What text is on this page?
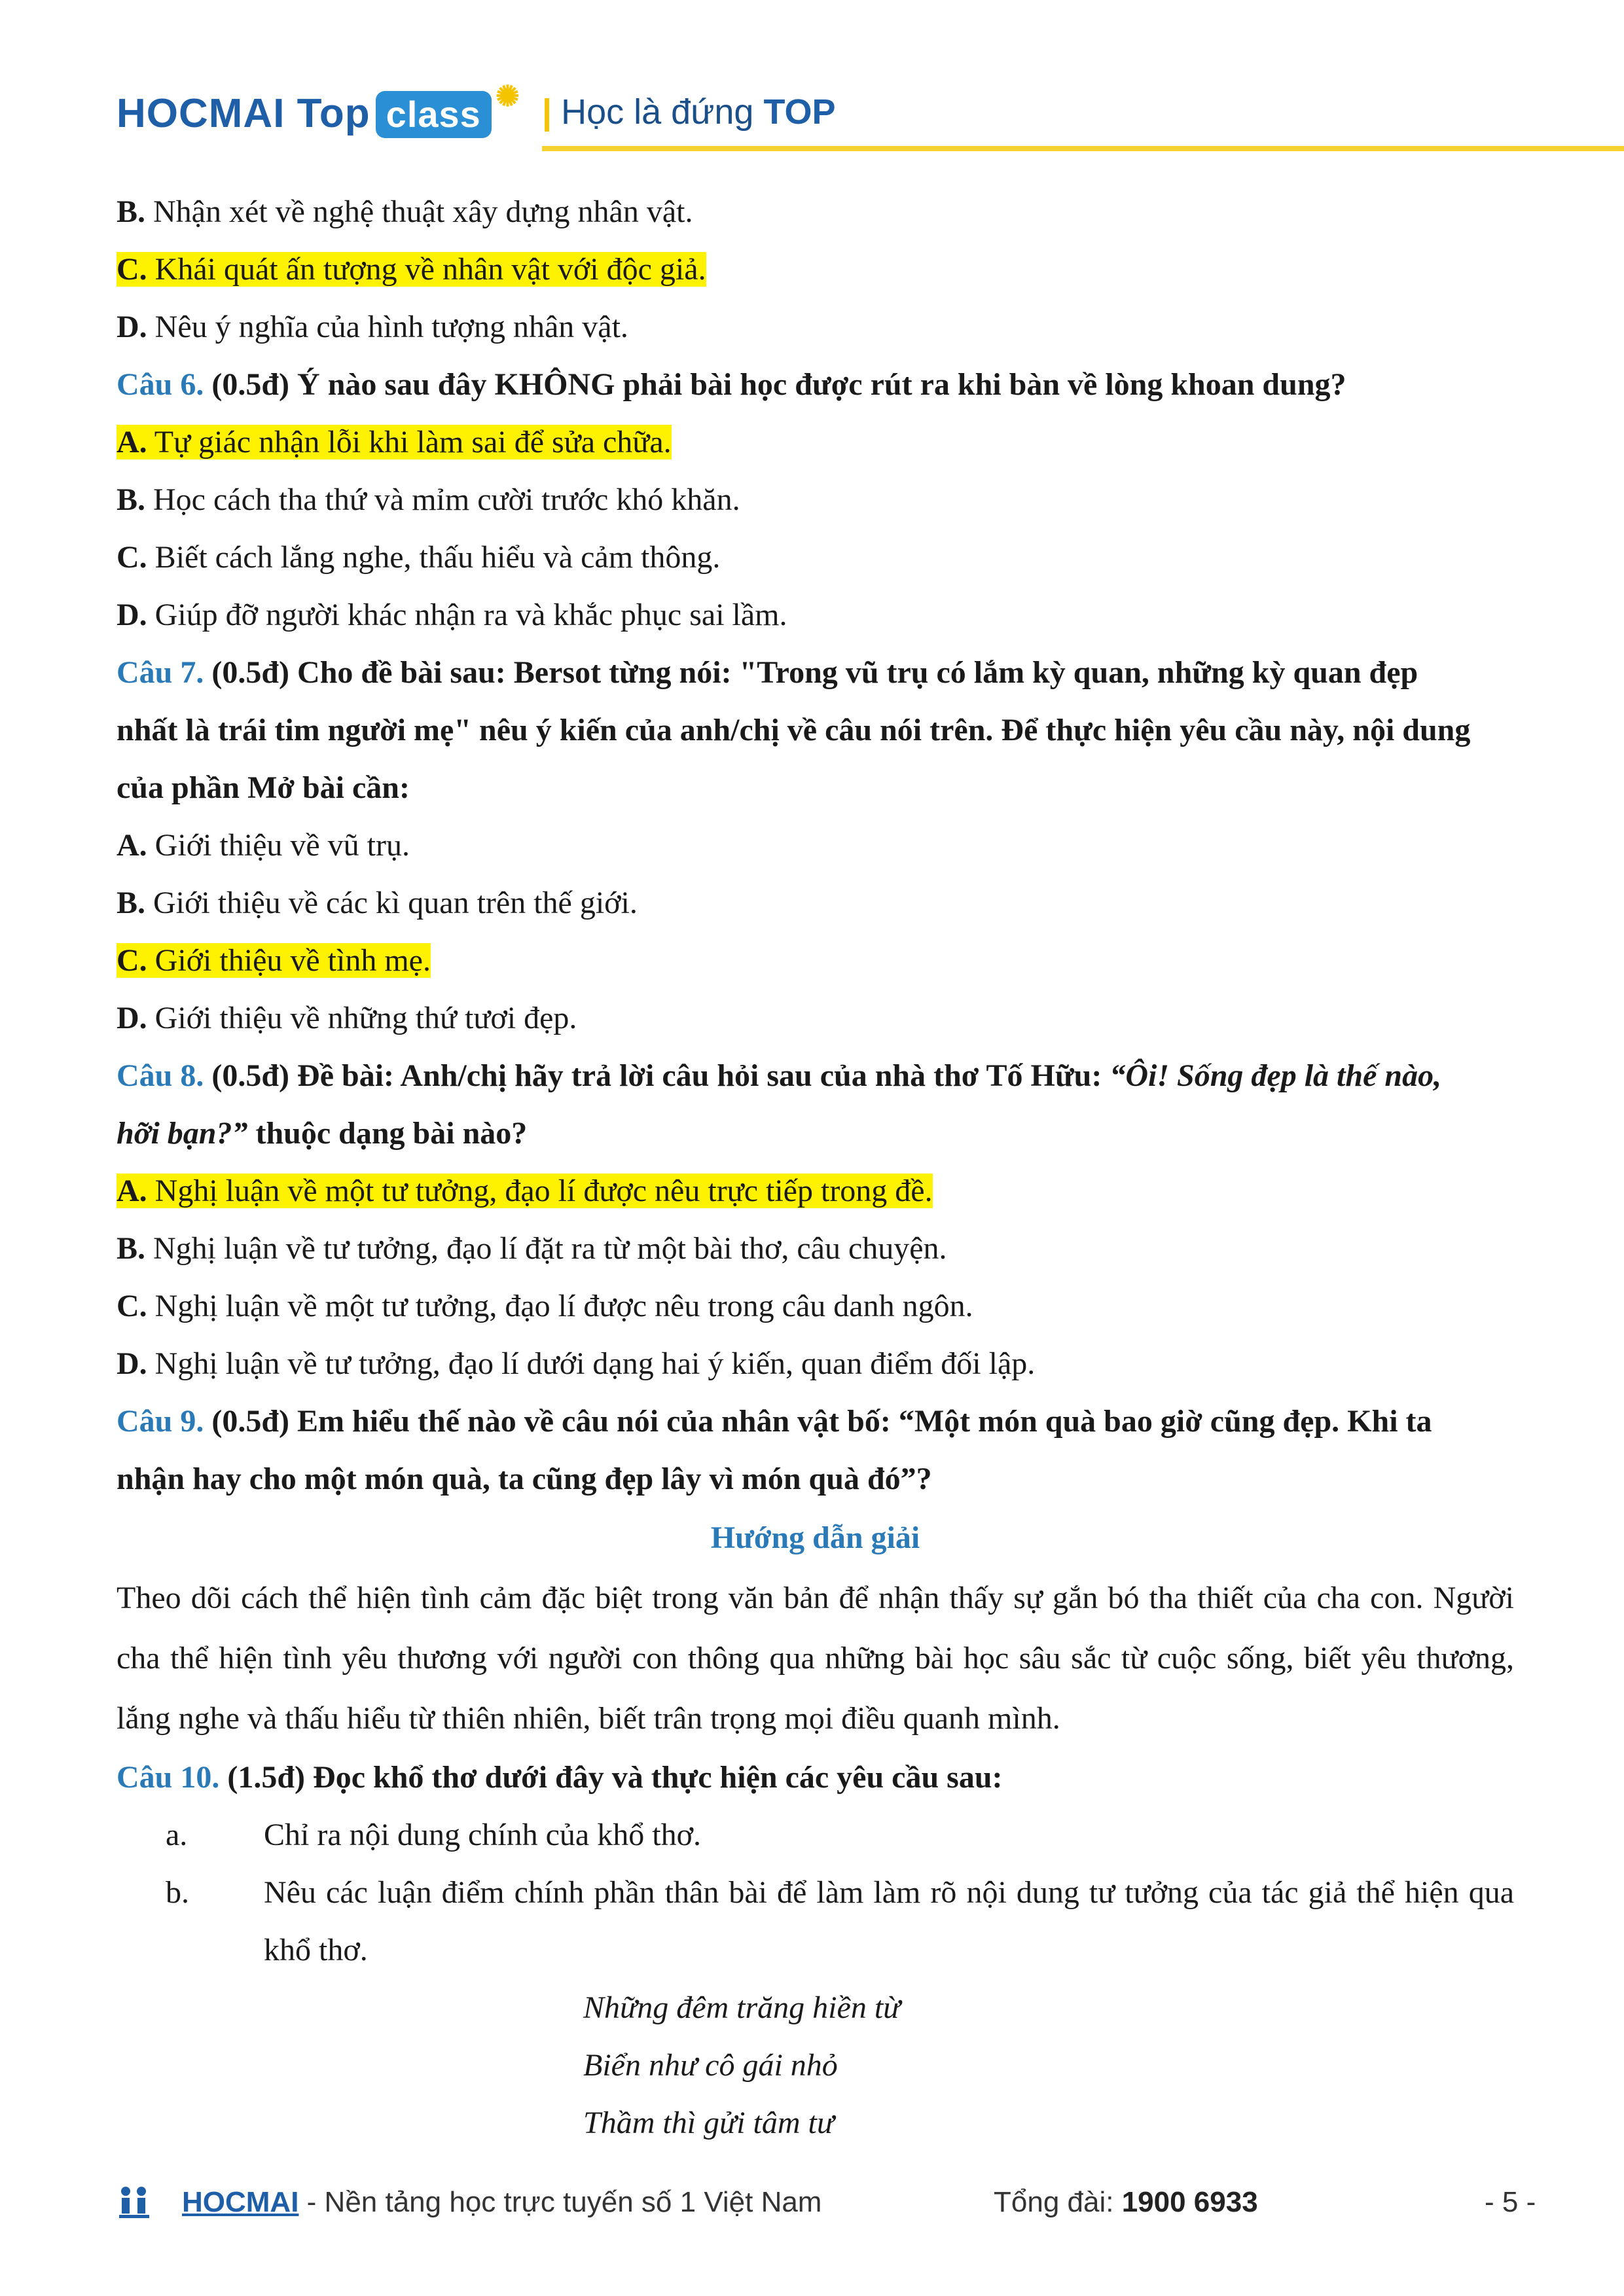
HOCMAI Top class ✺ | Học là đứng TOP
B. Nhận xét về nghệ thuật xây dựng nhân vật.
C. Khái quát ấn tượng về nhân vật với độc giả.
D. Nêu ý nghĩa của hình tượng nhân vật.
Câu 6. (0.5đ) Ý nào sau đây KHÔNG phải bài học được rút ra khi bàn về lòng khoan dung?
A. Tự giác nhận lỗi khi làm sai để sửa chữa.
B. Học cách tha thứ và mỉm cười trước khó khăn.
C. Biết cách lắng nghe, thấu hiểu và cảm thông.
D. Giúp đỡ người khác nhận ra và khắc phục sai lầm.
Câu 7. (0.5đ) Cho đề bài sau: Bersot từng nói: "Trong vũ trụ có lắm kỳ quan, những kỳ quan đẹp
nhất là trái tim người mẹ" nêu ý kiến của anh/chị về câu nói trên. Để thực hiện yêu cầu này, nội dung
của phần Mở bài cần:
A. Giới thiệu về vũ trụ.
B. Giới thiệu về các kì quan trên thế giới.
C. Giới thiệu về tình mẹ.
D. Giới thiệu về những thứ tươi đẹp.
Câu 8. (0.5đ) Đề bài: Anh/chị hãy trả lời câu hỏi sau của nhà thơ Tố Hữu: “Ôi! Sống đẹp là thế nào,
hỡi bạn?” thuộc dạng bài nào?
A. Nghị luận về một tư tưởng, đạo lí được nêu trực tiếp trong đề.
B. Nghị luận về tư tưởng, đạo lí đặt ra từ một bài thơ, câu chuyện.
C. Nghị luận về một tư tưởng, đạo lí được nêu trong câu danh ngôn.
D. Nghị luận về tư tưởng, đạo lí dưới dạng hai ý kiến, quan điểm đối lập.
Câu 9. (0.5đ) Em hiểu thế nào về câu nói của nhân vật bố: “Một món quà bao giờ cũng đẹp. Khi ta
nhận hay cho một món quà, ta cũng đẹp lây vì món quà đó”?
Hướng dẫn giải
Theo dõi cách thể hiện tình cảm đặc biệt trong văn bản để nhận thấy sự gắn bó tha thiết của cha con. Người cha thể hiện tình yêu thương với người con thông qua những bài học sâu sắc từ cuộc sống, biết yêu thương, lắng nghe và thấu hiểu từ thiên nhiên, biết trân trọng mọi điều quanh mình.
Câu 10. (1.5đ) Đọc khổ thơ dưới đây và thực hiện các yêu cầu sau:
a.	Chỉ ra nội dung chính của khổ thơ.
b.	Nêu các luận điểm chính phần thân bài để làm làm rõ nội dung tư tưởng của tác giả thể hiện qua khổ thơ.
Những đêm trăng hiền từ
Biển như cô gái nhỏ
Thầm thì gửi tâm tư
HOCMAI - Nền tảng học trực tuyến số 1 Việt Nam	Tổng đài: 1900 6933	- 5 -
